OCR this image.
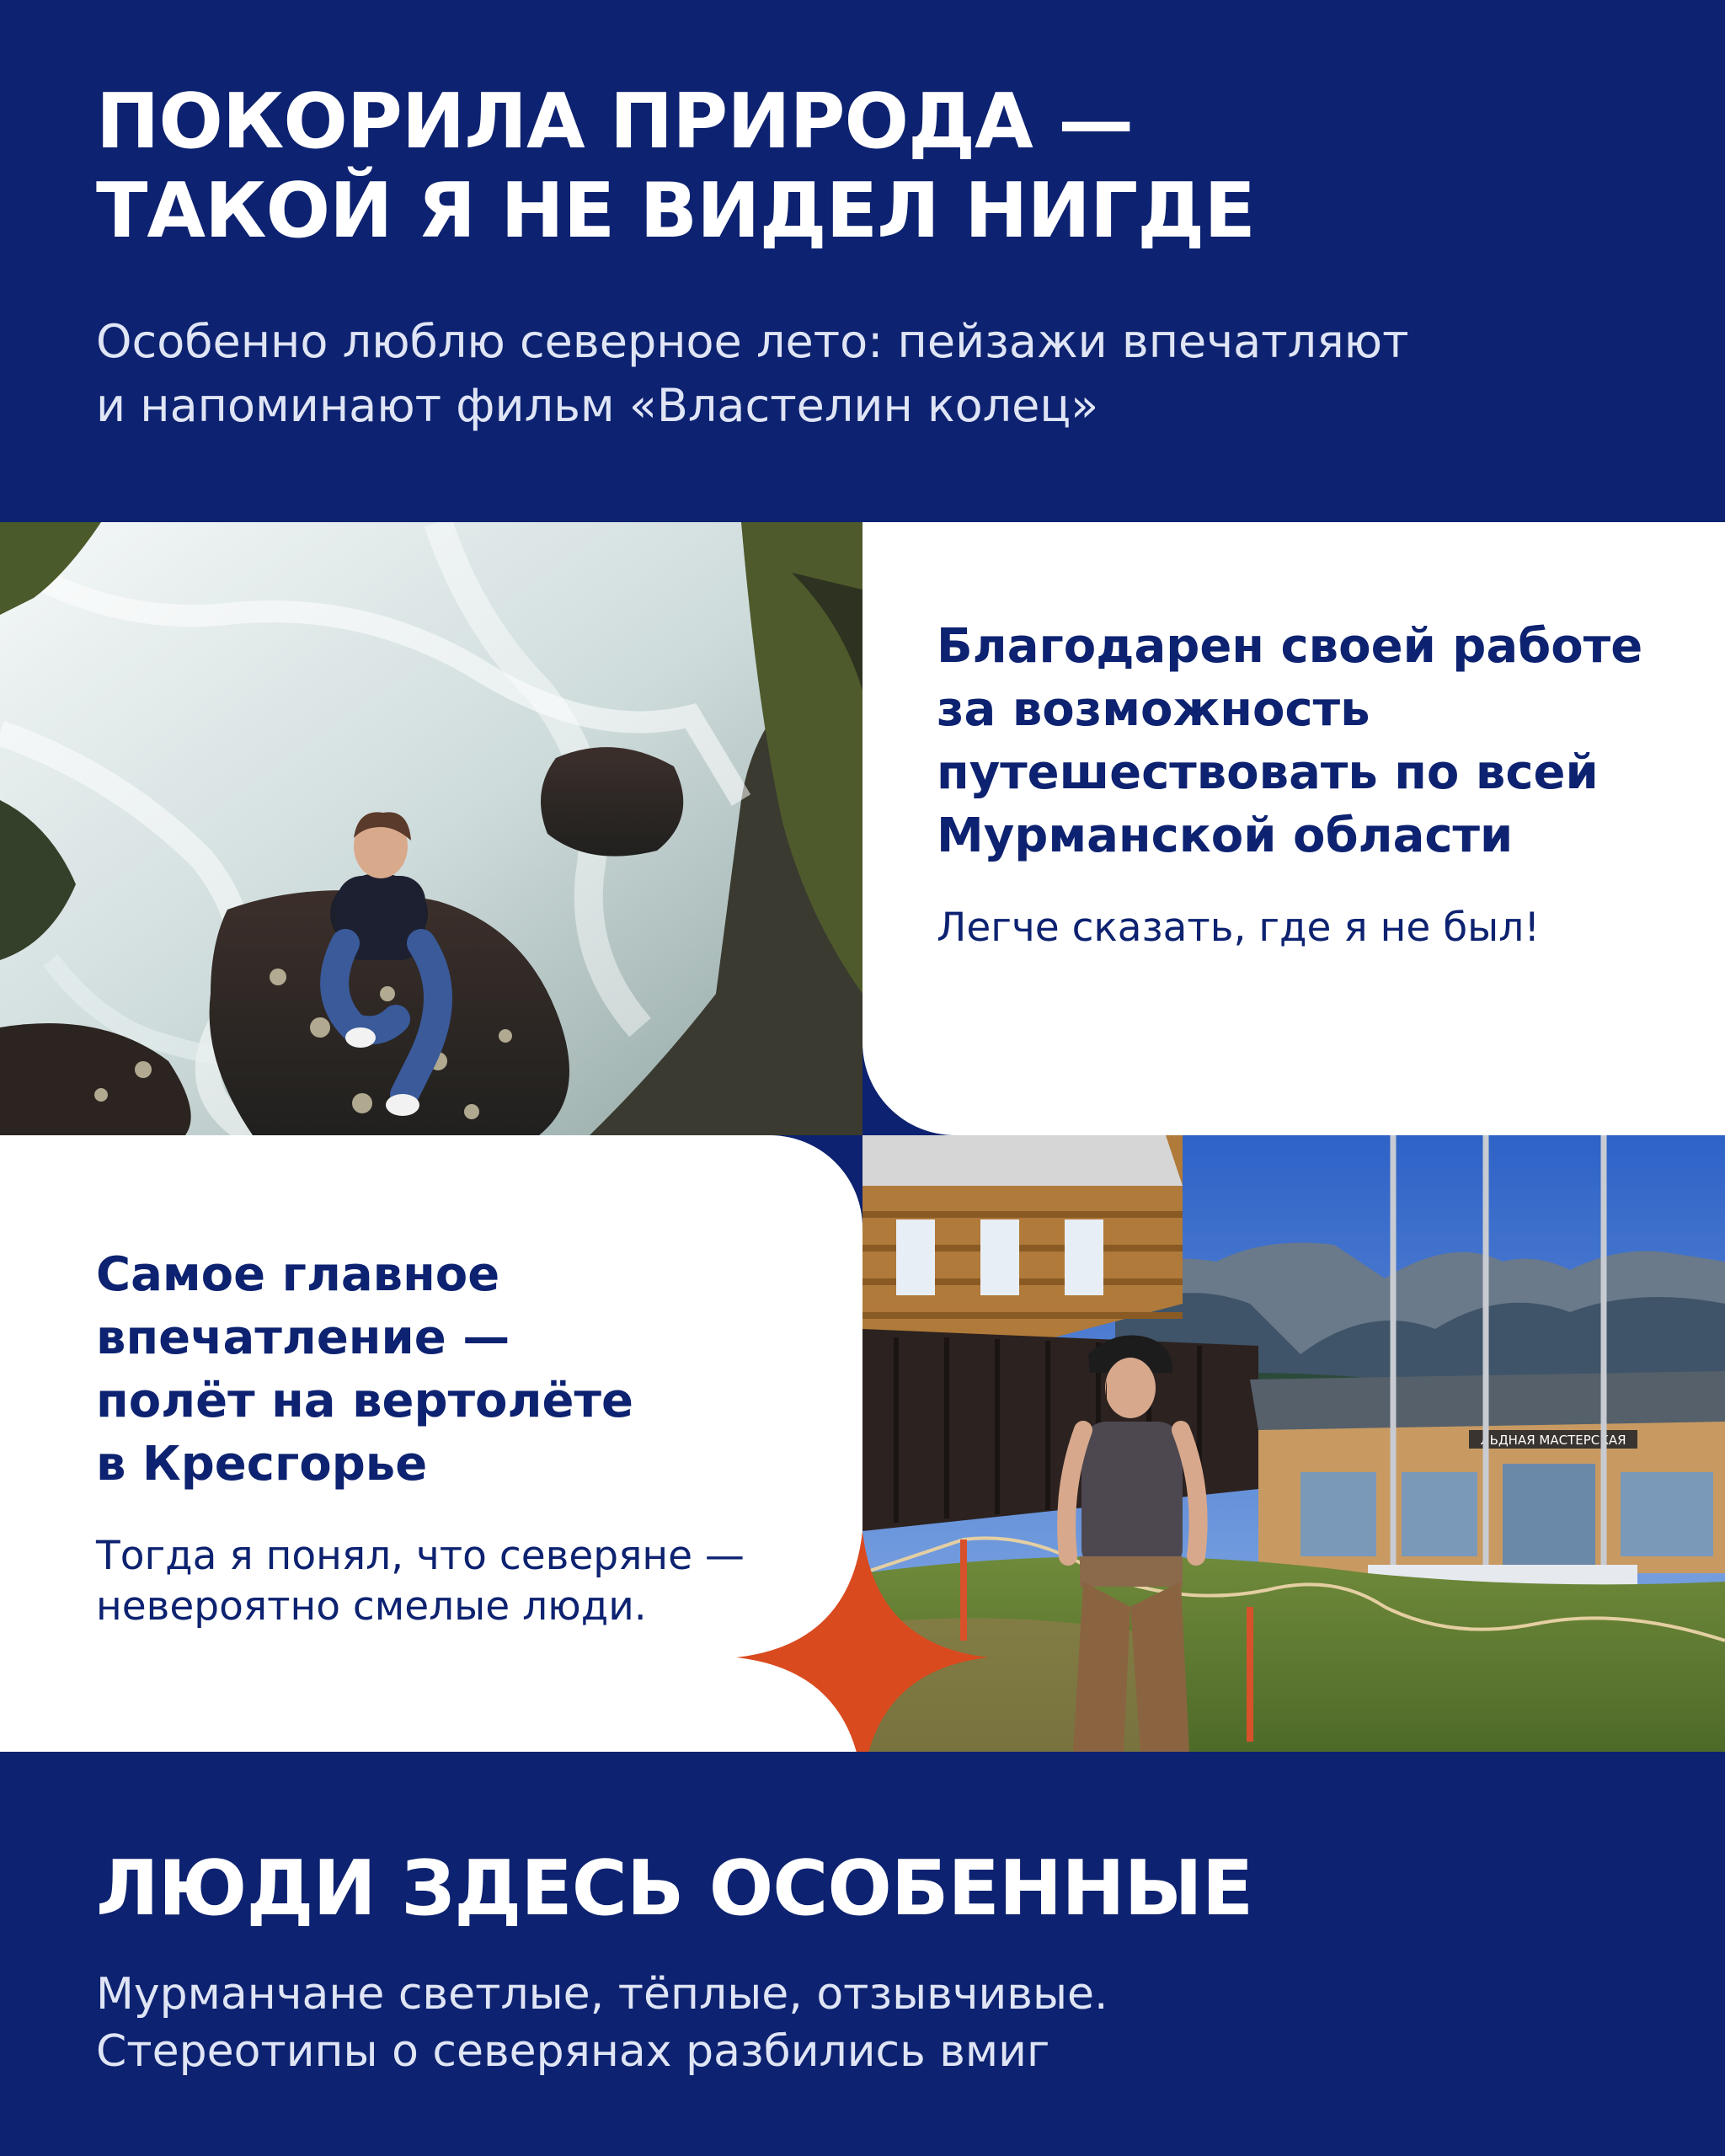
ПОКОРИЛА ПРИРОДА —
ТАКОЙ Я НЕ ВИДЕЛ НИГДЕ

Особенно люблю северное лето: пейзажи впечатляют
и напоминают фильм «Властелин колец»

ЛЬДНАЯ МАСТЕРСКАЯ
Благодарен своей работе
за возможность
путешествовать по всей
Мурманской области

Легче сказать, где я не был!

Самое главное
впечатление —
полёт на вертолёте
в Кресгорье

Тогда я понял, что северяне —
невероятно смелые люди.

ЛЮДИ ЗДЕСЬ ОСОБЕННЫЕ

Мурманчане светлые, тёплые, отзывчивые.
Стереотипы о северянах разбились вмиг
